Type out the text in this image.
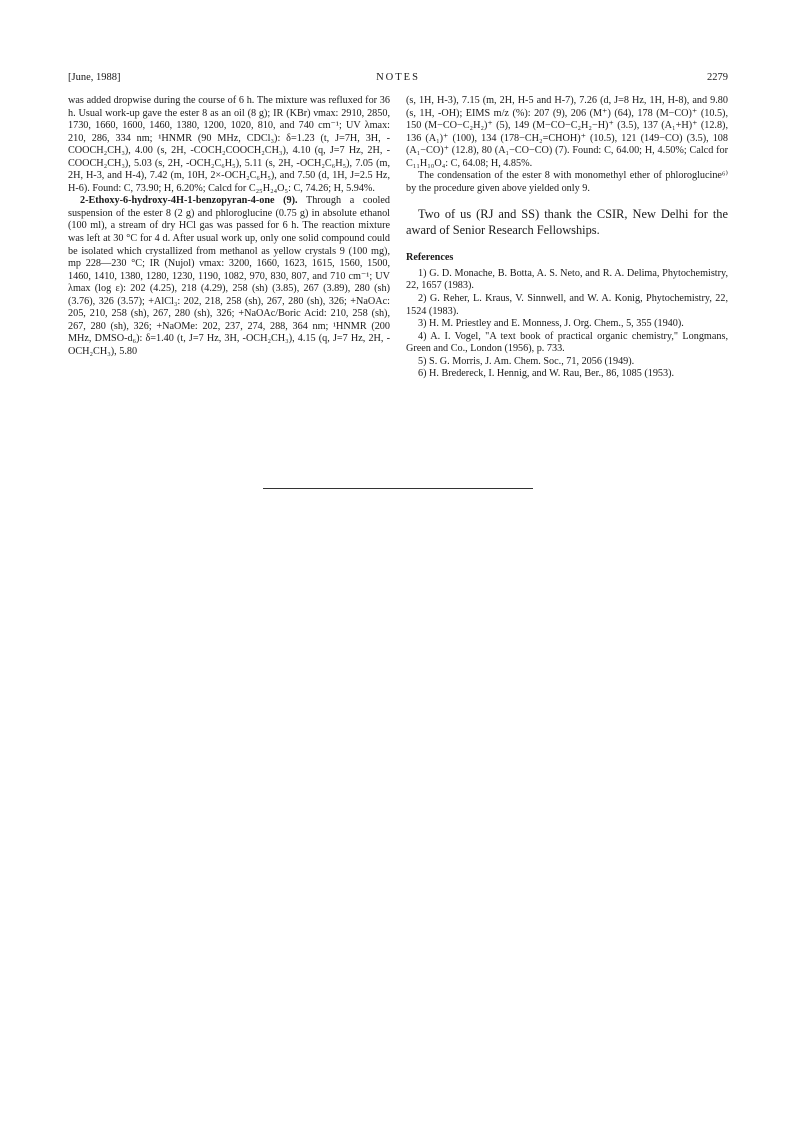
[June, 1988]	NOTES	2279

was added dropwise during the course of 6 h. The mixture was refluxed for 36 h. Usual work-up gave the ester 8 as an oil (8 g); IR (KBr) νmax: 2910, 2850, 1730, 1660, 1600, 1460, 1380, 1200, 1020, 810, and 740 cm⁻¹; UV λmax: 210, 286, 334 nm; ¹HNMR (90 MHz, CDCl₃): δ=1.23 (t, J=7H, 3H, -COOCH₂CH₃), 4.00 (s, 2H, -COCH₂COOCH₂CH₃), 4.10 (q, J=7 Hz, 2H, -COOCH₂CH₃), 5.03 (s, 2H, -OCH₂C₆H₅), 5.11 (s, 2H, -OCH₂C₆H₅), 7.05 (m, 2H, H-3, and H-4), 7.42 (m, 10H, 2×-OCH₂C₆H₅), and 7.50 (d, 1H, J=2.5 Hz, H-6). Found: C, 73.90; H, 6.20%; Calcd for C₂₅H₂₄O₅: C, 74.26; H, 5.94%.

2-Ethoxy-6-hydroxy-4H-1-benzopyran-4-one (9). Through a cooled suspension of the ester 8 (2 g) and phloroglucine (0.75 g) in absolute ethanol (100 ml), a stream of dry HCl gas was passed for 6 h. The reaction mixture was left at 30 °C for 4 d. After usual work up, only one solid compound could be isolated which crystallized from methanol as yellow crystals 9 (100 mg), mp 228—230 °C; IR (Nujol) νmax: 3200, 1660, 1623, 1615, 1560, 1500, 1460, 1410, 1380, 1280, 1230, 1190, 1082, 970, 830, 807, and 710 cm⁻¹; UV λmax (log ε): 202 (4.25), 218 (4.29), 258 (sh) (3.85), 267 (3.89), 280 (sh) (3.76), 326 (3.57); +AlCl₃: 202, 218, 258 (sh), 267, 280 (sh), 326; +NaOAc: 205, 210, 258 (sh), 267, 280 (sh), 326; +NaOAc/Boric Acid: 210, 258 (sh), 267, 280 (sh), 326; +NaOMe: 202, 237, 274, 288, 364 nm; ¹HNMR (200 MHz, DMSO-d₆): δ=1.40 (t, J=7 Hz, 3H, -OCH₂CH₃), 4.15 (q, J=7 Hz, 2H, -OCH₂CH₃), 5.80

(s, 1H, H-3), 7.15 (m, 2H, H-5 and H-7), 7.26 (d, J=8 Hz, 1H, H-8), and 9.80 (s, 1H, -OH); EIMS m/z (%): 207 (9), 206 (M⁺) (64), 178 (M−CO)⁺ (10.5), 150 (M−CO−C₂H₂)⁺ (5), 149 (M−CO−C₂H₂−H)⁺ (3.5), 137 (A₁+H)⁺ (12.8), 136 (A₁)⁺ (100), 134 (178−CH₂=CHOH)⁺ (10.5), 121 (149−CO) (3.5), 108 (A₁−CO)⁺ (12.8), 80 (A₁−CO−CO) (7). Found: C, 64.00; H, 4.50%; Calcd for C₁₁H₁₀O₄: C, 64.08; H, 4.85%.

The condensation of the ester 8 with monomethyl ether of phloroglucine⁶⁾ by the procedure given above yielded only 9.

Two of us (RJ and SS) thank the CSIR, New Delhi for the award of Senior Research Fellowships.

References

1) G. D. Monache, B. Botta, A. S. Neto, and R. A. Delima, Phytochemistry, 22, 1657 (1983).

2) G. Reher, L. Kraus, V. Sinnwell, and W. A. Konig, Phytochemistry, 22, 1524 (1983).

3) H. M. Priestley and E. Monness, J. Org. Chem., 5, 355 (1940).

4) A. I. Vogel, "A text book of practical organic chemistry," Longmans, Green and Co., London (1956), p. 733.

5) S. G. Morris, J. Am. Chem. Soc., 71, 2056 (1949).

6) H. Bredereck, I. Hennig, and W. Rau, Ber., 86, 1085 (1953).
